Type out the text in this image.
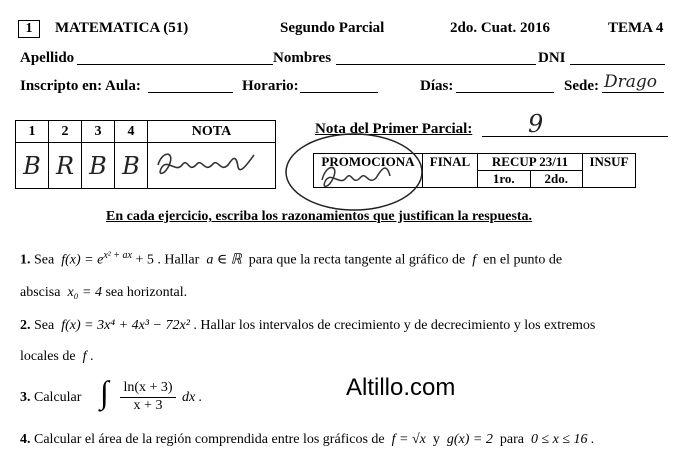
1	MATEMATICA (51)	Segundo Parcial	2do. Cuat. 2016	TEMA 4
Apellido	Nombres	DNI
Inscripto en: Aula:	Horario:	Días:	Sede: Drago
1	2	3	4	NOTA
B	R	B	B	
Nota del Primer Parcial: 9
PROMOCIONA	FINAL	RECUP 23/11		INSUF
		1ro.	2do.	
En cada ejercicio, escriba los razonamientos que justifican la respuesta.
1. Sea $f(x) = e^{x^2 + ax} + 5$ . Hallar a ∈ ℝ para que la recta tangente al gráfico de f en el punto de
abscisa x₀ = 4 sea horizontal.
2. Sea f(x) = 3x⁴ + 4x³ − 72x² . Hallar los intervalos de crecimiento y de decrecimiento y los extremos
locales de f .
3. Calcular ∫ $\frac{\ln(x + 3)}{x + 3}$ dx .	Altillo.com
4. Calcular el área de la región comprendida entre los gráficos de f = √x y g(x) = 2 para 0 ≤ x ≤ 16 .
